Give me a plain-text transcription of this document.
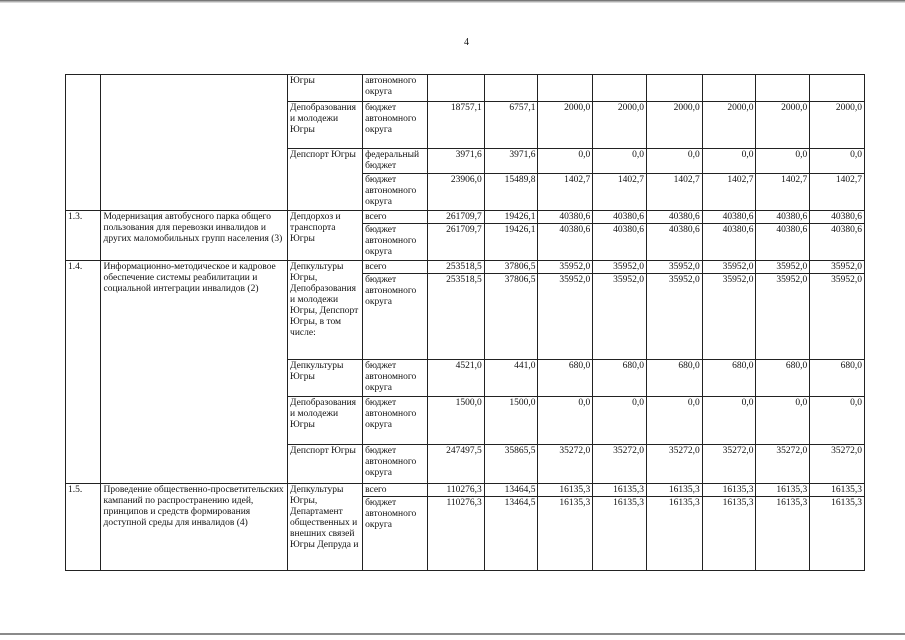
4
		Югры	автономного округа								
		Депобразования и молодежи Югры	бюджет автономного округа	18757,1	6757,1	2000,0	2000,0	2000,0	2000,0	2000,0	2000,0
		Депспорт Югры	федеральный бюджет	3971,6	3971,6	0,0	0,0	0,0	0,0	0,0	0,0
			бюджет автономного округа	23906,0	15489,8	1402,7	1402,7	1402,7	1402,7	1402,7	1402,7
1.3.	Модернизация автобусного парка общего пользования для перевозки инвалидов и других маломобильных групп населения (3)	Депдорхоз и транспорта Югры	всего	261709,7	19426,1	40380,6	40380,6	40380,6	40380,6	40380,6	40380,6
			бюджет автономного округа	261709,7	19426,1	40380,6	40380,6	40380,6	40380,6	40380,6	40380,6
1.4.	Информационно-методическое и кадровое обеспечение системы реабилитации и социальной интеграции инвалидов (2)	Депкультуры Югры, Депобразования и молодежи Югры, Депспорт Югры, в том числе:	всего	253518,5	37806,5	35952,0	35952,0	35952,0	35952,0	35952,0	35952,0
			бюджет автономного округа	253518,5	37806,5	35952,0	35952,0	35952,0	35952,0	35952,0	35952,0
		Депкультуры Югры	бюджет автономного округа	4521,0	441,0	680,0	680,0	680,0	680,0	680,0	680,0
		Депобразования и молодежи Югры	бюджет автономного округа	1500,0	1500,0	0,0	0,0	0,0	0,0	0,0	0,0
		Депспорт Югры	бюджет автономного округа	247497,5	35865,5	35272,0	35272,0	35272,0	35272,0	35272,0	35272,0
1.5.	Проведение общественно-просветительских кампаний по распространению идей, принципов и средств формирования доступной среды для инвалидов (4)	Депкультуры Югры, Департамент общественных и внешних связей Югры Депруда и	всего	110276,3	13464,5	16135,3	16135,3	16135,3	16135,3	16135,3	16135,3
			бюджет автономного округа	110276,3	13464,5	16135,3	16135,3	16135,3	16135,3	16135,3	16135,3
